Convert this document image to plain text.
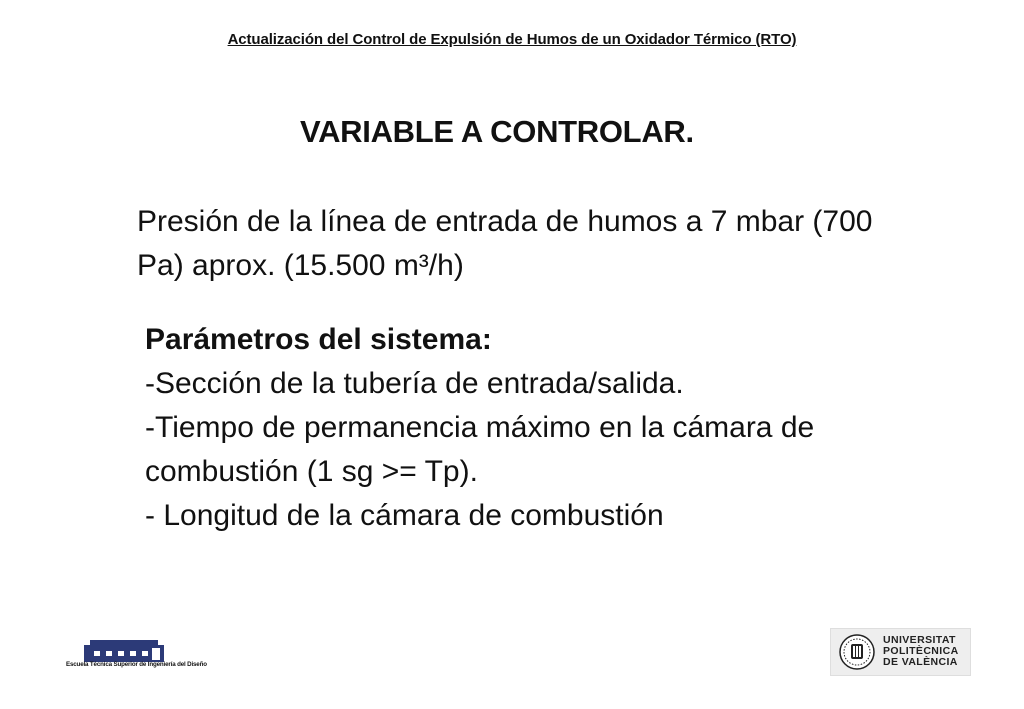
Actualización del Control de Expulsión de Humos de un Oxidador Térmico (RTO)
VARIABLE A CONTROLAR.
Presión de la línea de entrada de humos a 7 mbar (700 Pa) aprox. (15.500 m³/h)
Parámetros del sistema:
-Sección de la tubería de entrada/salida.
-Tiempo de permanencia máximo en la cámara de combustión (1 sg >= Tp).
- Longitud de la cámara de combustión
Escuela Técnica Superior de Ingeniería del Diseño
UNIVERSITAT
POLITÈCNICA
DE VALÈNCIA
